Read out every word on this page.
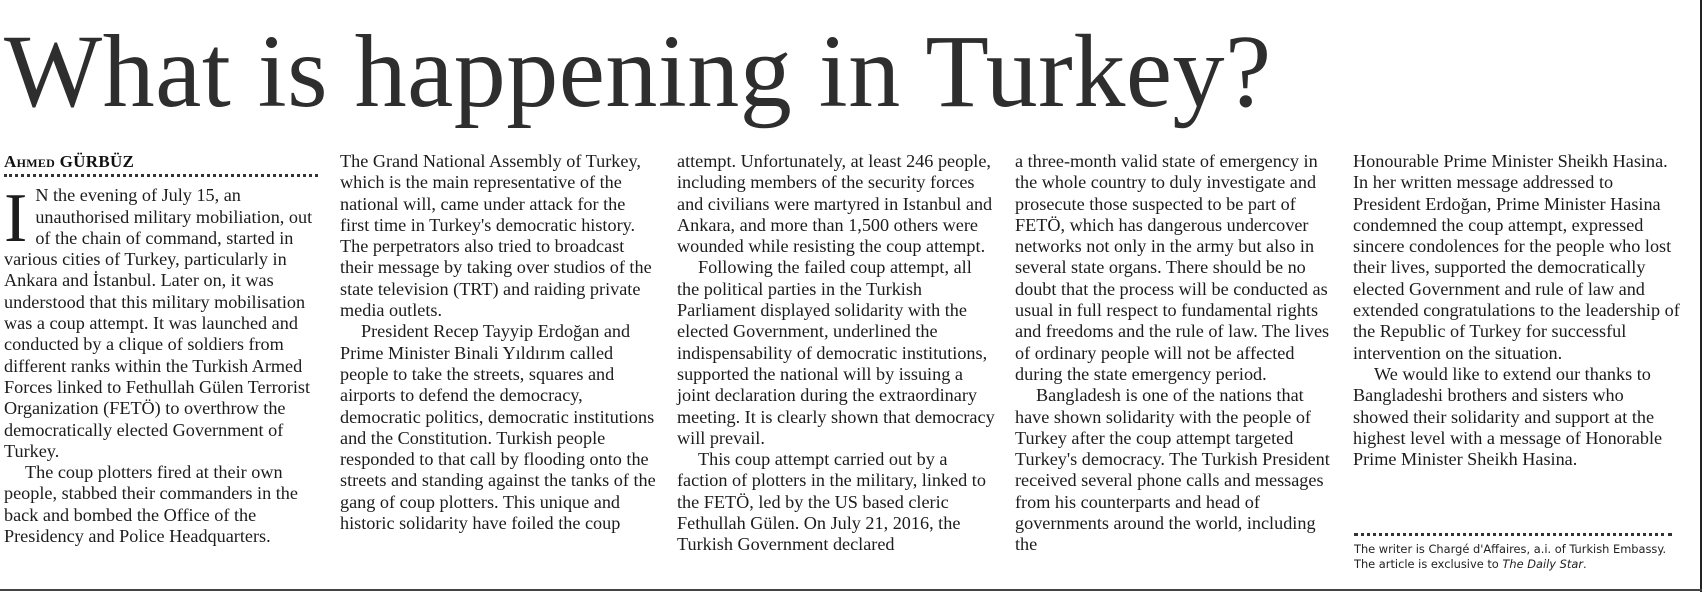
What is happening in Turkey?
Ahmed GÜRBÜZ

I N the evening of July 15, an unauthorised military mobiliation, out of the chain of command, started in various cities of Turkey, particularly in Ankara and İstanbul. Later on, it was understood that this military mobilisation was a coup attempt. It was launched and conducted by a clique of soldiers from different ranks within the Turkish Armed Forces linked to Fethullah Gülen Terrorist Organization (FETÖ) to overthrow the democratically elected Government of Turkey.

The coup plotters fired at their own people, stabbed their commanders in the back and bombed the Office of the Presidency and Police Headquarters.

The Grand National Assembly of Turkey, which is the main representative of the national will, came under attack for the first time in Turkey's democratic history. The perpetrators also tried to broadcast their message by taking over studios of the state television (TRT) and raiding private media outlets.

President Recep Tayyip Erdoğan and Prime Minister Binali Yıldırım called people to take the streets, squares and airports to defend the democracy, democratic politics, democratic institutions and the Constitution. Turkish people responded to that call by flooding onto the streets and standing against the tanks of the gang of coup plotters. This unique and historic solidarity have foiled the coup

attempt. Unfortunately, at least 246 people, including members of the security forces and civilians were martyred in Istanbul and Ankara, and more than 1,500 others were wounded while resisting the coup attempt.

Following the failed coup attempt, all the political parties in the Turkish Parliament displayed solidarity with the elected Government, underlined the indispensability of democratic institutions, supported the national will by issuing a joint declaration during the extraordinary meeting. It is clearly shown that democracy will prevail.

This coup attempt carried out by a faction of plotters in the military, linked to the FETÖ, led by the US based cleric Fethullah Gülen. On July 21, 2016, the Turkish Government declared

a three-month valid state of emergency in the whole country to duly investigate and prosecute those suspected to be part of FETÖ, which has dangerous undercover networks not only in the army but also in several state organs. There should be no doubt that the process will be conducted as usual in full respect to fundamental rights and freedoms and the rule of law. The lives of ordinary people will not be affected during the state emergency period.

Bangladesh is one of the nations that have shown solidarity with the people of Turkey after the coup attempt targeted Turkey's democracy. The Turkish President received several phone calls and messages from his counterparts and head of governments around the world, including the

Honourable Prime Minister Sheikh Hasina. In her written message addressed to President Erdoğan, Prime Minister Hasina condemned the coup attempt, expressed sincere condolences for the people who lost their lives, supported the democratically elected Government and rule of law and extended congratulations to the leadership of the Republic of Turkey for successful intervention on the situation.

We would like to extend our thanks to Bangladeshi brothers and sisters who showed their solidarity and support at the highest level with a message of Honorable Prime Minister Sheikh Hasina.

The writer is Chargé d'Affaires, a.i. of Turkish Embassy. The article is exclusive to The Daily Star.
